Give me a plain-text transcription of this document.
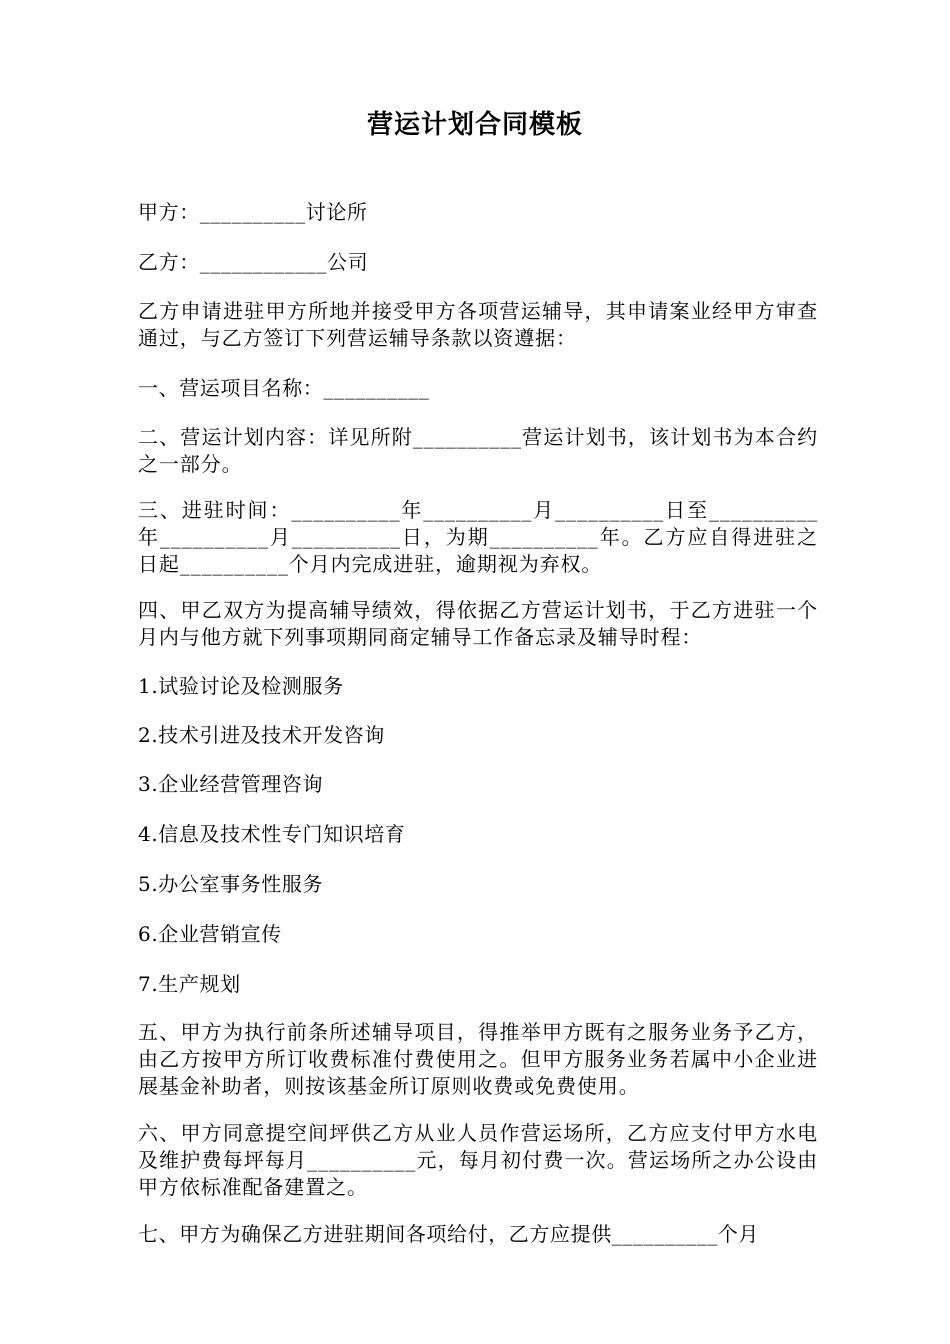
营运计划合同模板
甲方：__________讨论所
乙方：____________公司
乙方申请进驻甲方所地并接受甲方各项营运辅导，其申请案业经甲方审查通过，与乙方签订下列营运辅导条款以资遵据：
一、营运项目名称：__________
二、营运计划内容：详见所附__________营运计划书，该计划书为本合约之一部分。
三、进驻时间：__________年__________月__________日至__________年__________月__________日，为期__________年。乙方应自得进驻之日起__________个月内完成进驻，逾期视为弃权。
四、甲乙双方为提高辅导绩效，得依据乙方营运计划书，于乙方进驻一个月内与他方就下列事项期同商定辅导工作备忘录及辅导时程：
1.试验讨论及检测服务
2.技术引进及技术开发咨询
3.企业经营管理咨询
4.信息及技术性专门知识培育
5.办公室事务性服务
6.企业营销宣传
7.生产规划
五、甲方为执行前条所述辅导项目，得推举甲方既有之服务业务予乙方，由乙方按甲方所订收费标准付费使用之。但甲方服务业务若属中小企业进展基金补助者，则按该基金所订原则收费或免费使用。
六、甲方同意提空间坪供乙方从业人员作营运场所，乙方应支付甲方水电及维护费每坪每月__________元，每月初付费一次。营运场所之办公设由甲方依标准配备建置之。
七、甲方为确保乙方进驻期间各项给付，乙方应提供__________个月
